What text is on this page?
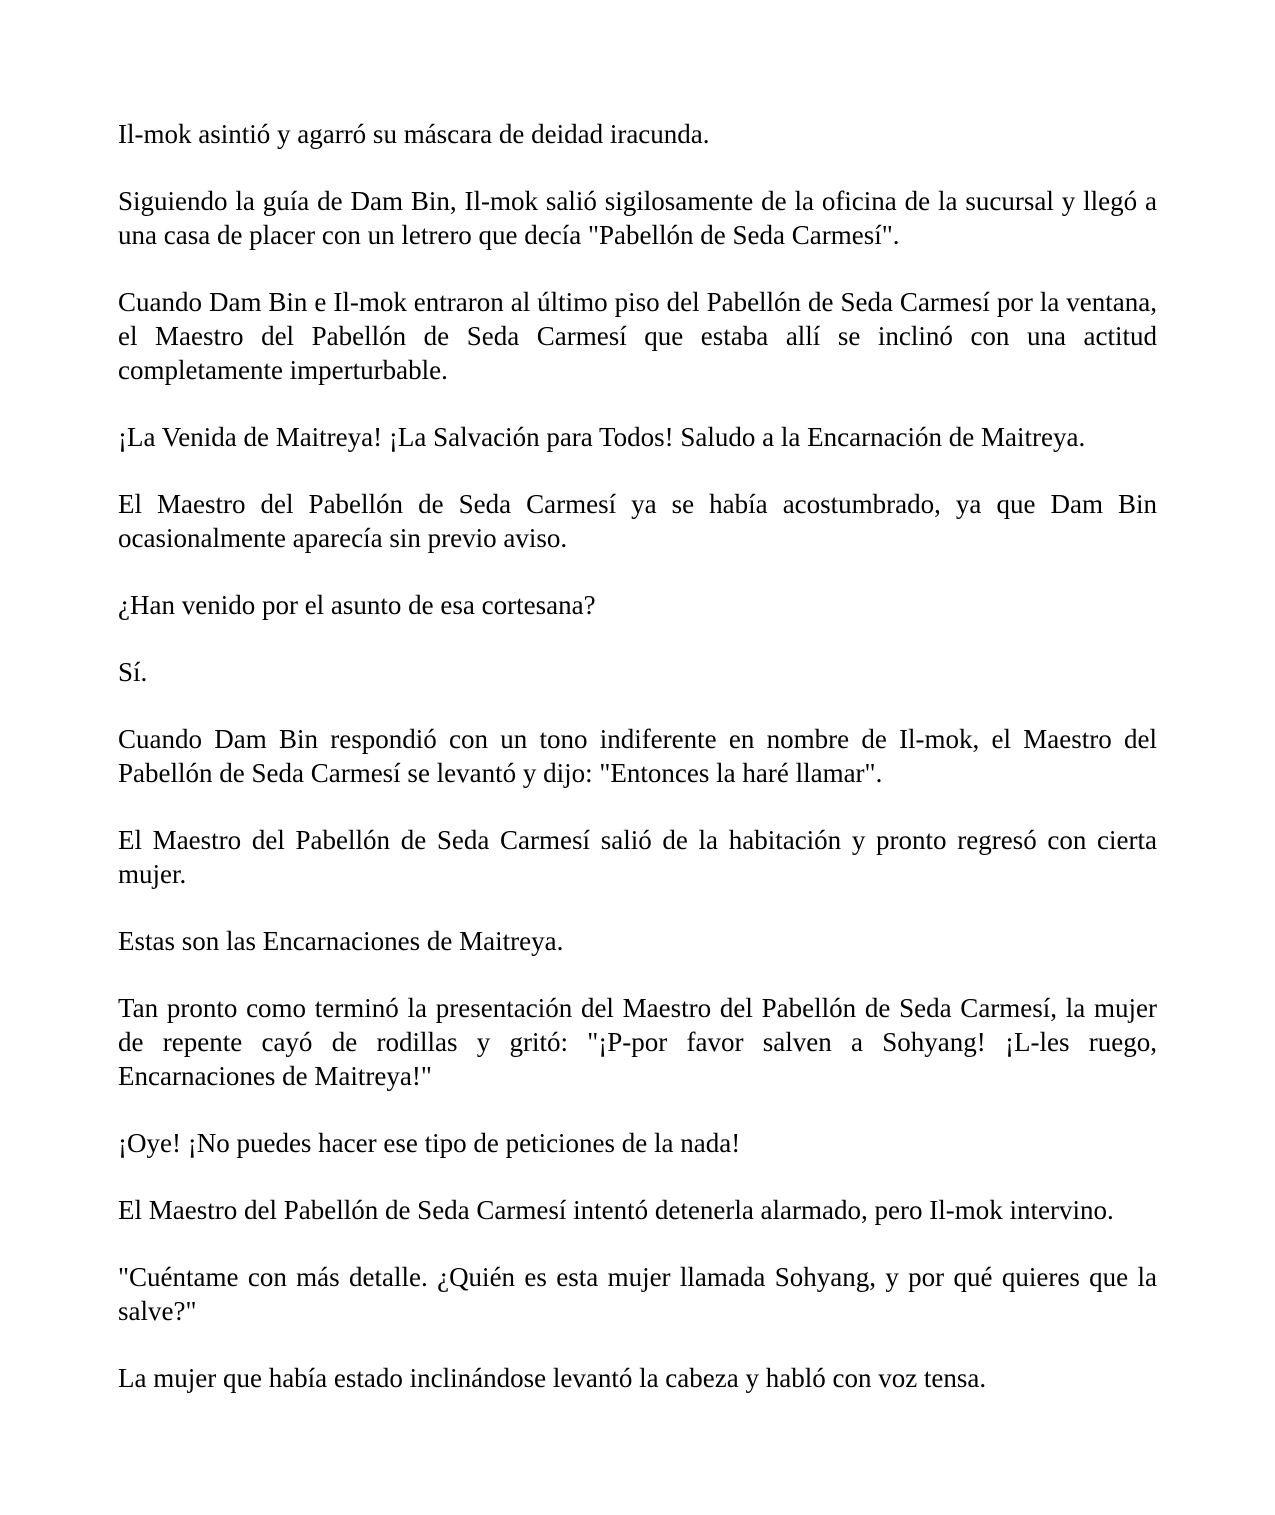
Il-mok asintió y agarró su máscara de deidad iracunda.

Siguiendo la guía de Dam Bin, Il-mok salió sigilosamente de la oficina de la sucursal y llegó a una casa de placer con un letrero que decía "Pabellón de Seda Carmesí".

Cuando Dam Bin e Il-mok entraron al último piso del Pabellón de Seda Carmesí por la ventana, el Maestro del Pabellón de Seda Carmesí que estaba allí se inclinó con una actitud completamente imperturbable.

¡La Venida de Maitreya! ¡La Salvación para Todos! Saludo a la Encarnación de Maitreya.

El Maestro del Pabellón de Seda Carmesí ya se había acostumbrado, ya que Dam Bin ocasionalmente aparecía sin previo aviso.

¿Han venido por el asunto de esa cortesana?

Sí.

Cuando Dam Bin respondió con un tono indiferente en nombre de Il-mok, el Maestro del Pabellón de Seda Carmesí se levantó y dijo: "Entonces la haré llamar".

El Maestro del Pabellón de Seda Carmesí salió de la habitación y pronto regresó con cierta mujer.

Estas son las Encarnaciones de Maitreya.

Tan pronto como terminó la presentación del Maestro del Pabellón de Seda Carmesí, la mujer de repente cayó de rodillas y gritó: "¡P-por favor salven a Sohyang! ¡L-les ruego, Encarnaciones de Maitreya!"

¡Oye! ¡No puedes hacer ese tipo de peticiones de la nada!

El Maestro del Pabellón de Seda Carmesí intentó detenerla alarmado, pero Il-mok intervino.

"Cuéntame con más detalle. ¿Quién es esta mujer llamada Sohyang, y por qué quieres que la salve?"

La mujer que había estado inclinándose levantó la cabeza y habló con voz tensa.
